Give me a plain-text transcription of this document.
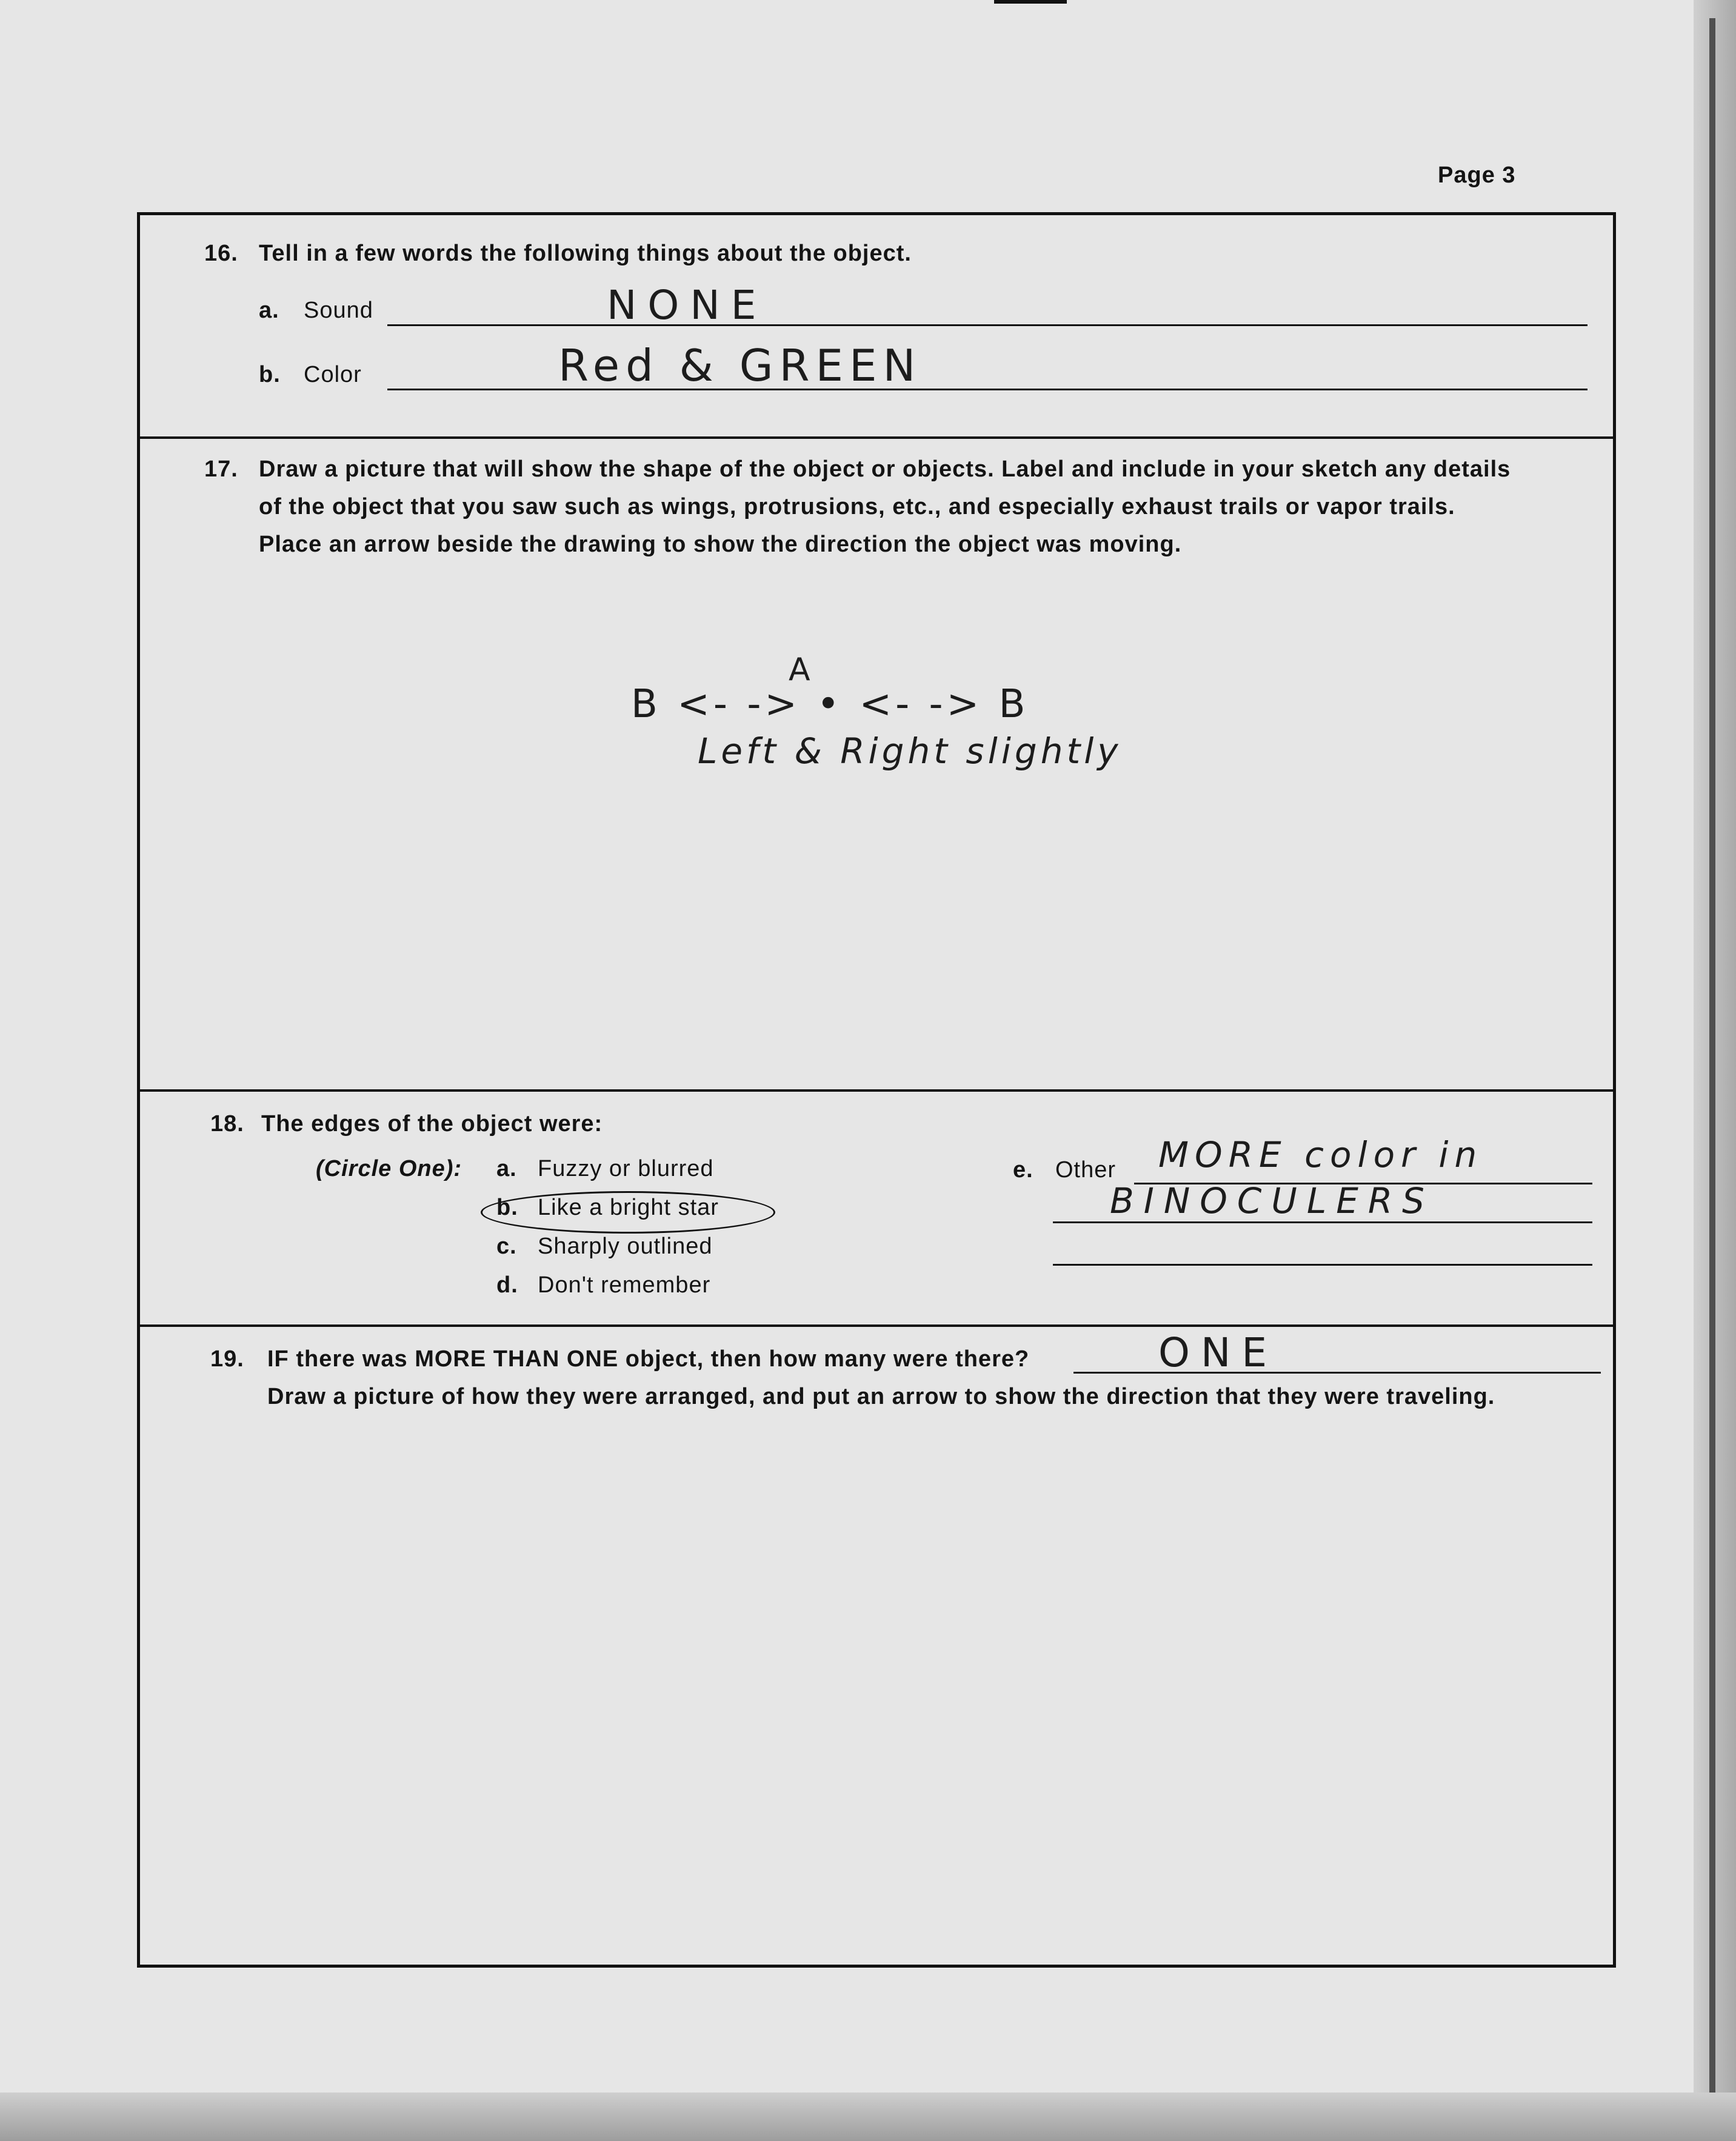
Page 3
16. Tell in a few words the following things about the object.
a. Sound	NONE
b. Color	Red & GREEN
17. Draw a picture that will show the shape of the object or objects. Label and include in your sketch any details
of the object that you saw such as wings, protrusions, etc., and especially exhaust trails or vapor trails.
Place an arrow beside the drawing to show the direction the object was moving.
A
B <- -> • <- -> B
Left & Right slightly
18. The edges of the object were:
(Circle One): a. Fuzzy or blurred
b. Like a bright star
c. Sharply outlined
d. Don't remember
e. Other MORE color in
BINOCULERS
19. IF there was MORE THAN ONE object, then how many were there?	ONE
Draw a picture of how they were arranged, and put an arrow to show the direction that they were traveling.
